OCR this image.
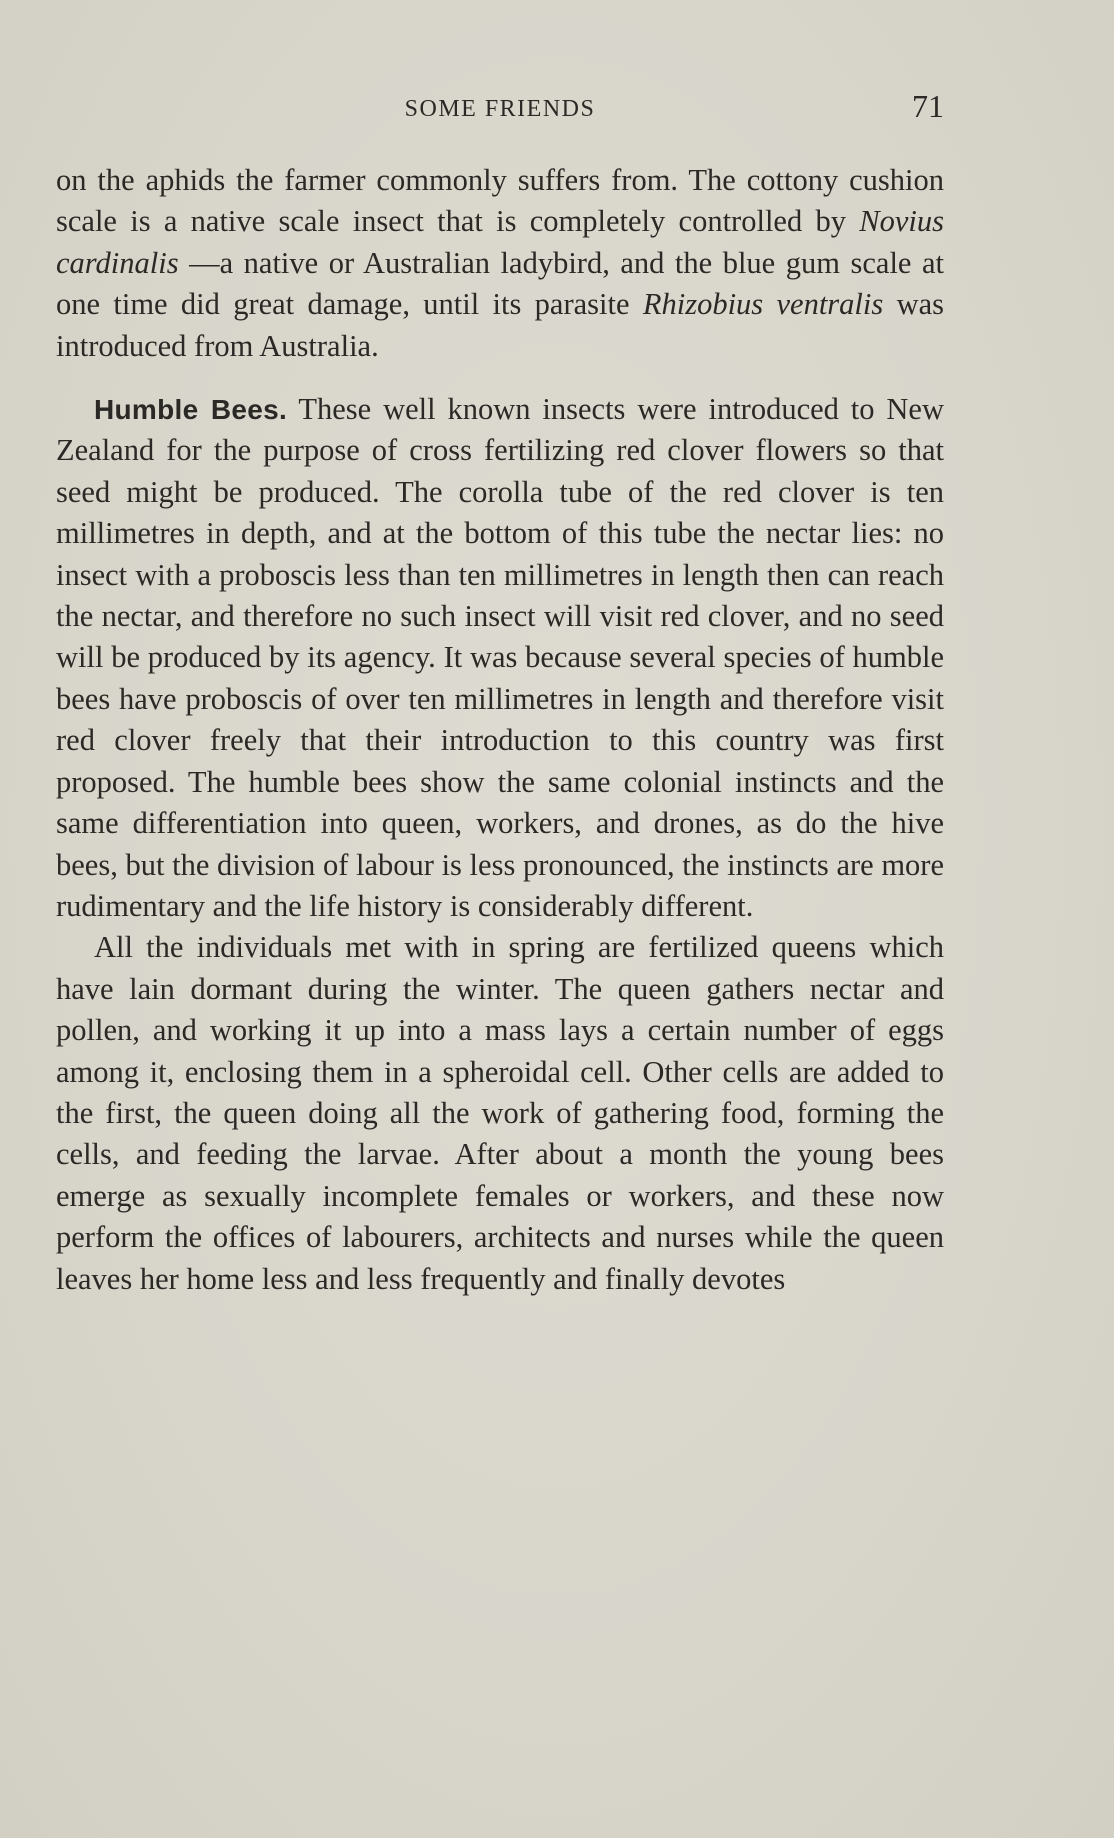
SOME FRIENDS	71

on the aphids the farmer commonly suffers from. The cottony cushion scale is a native scale insect that is completely controlled by Novius cardinalis —a native or Australian ladybird, and the blue gum scale at one time did great damage, until its parasite Rhizobius ventralis was introduced from Australia.

Humble Bees. These well known insects were introduced to New Zealand for the purpose of cross fertilizing red clover flowers so that seed might be produced. The corolla tube of the red clover is ten millimetres in depth, and at the bottom of this tube the nectar lies: no insect with a proboscis less than ten millimetres in length then can reach the nectar, and therefore no such insect will visit red clover, and no seed will be produced by its agency. It was because several species of humble bees have proboscis of over ten millimetres in length and therefore visit red clover freely that their introduction to this country was first proposed. The humble bees show the same colonial instincts and the same differentiation into queen, workers, and drones, as do the hive bees, but the division of labour is less pronounced, the instincts are more rudimentary and the life history is considerably different.

All the individuals met with in spring are fertilized queens which have lain dormant during the winter. The queen gathers nectar and pollen, and working it up into a mass lays a certain number of eggs among it, enclosing them in a spheroidal cell. Other cells are added to the first, the queen doing all the work of gathering food, forming the cells, and feeding the larvae. After about a month the young bees emerge as sexually incomplete females or workers, and these now perform the offices of labourers, architects and nurses while the queen leaves her home less and less frequently and finally devotes
